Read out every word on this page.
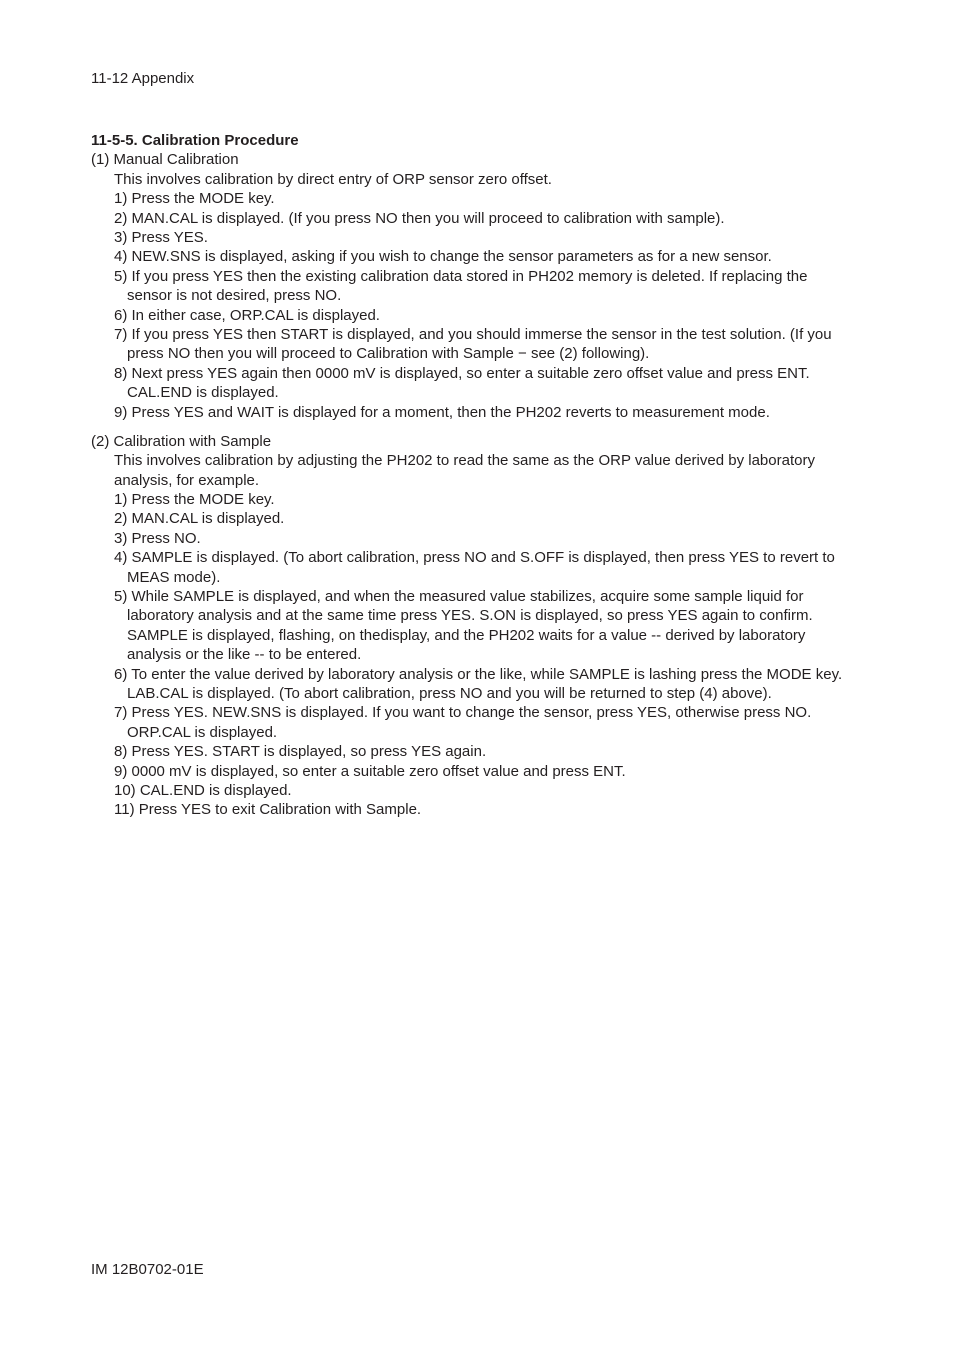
11-12 Appendix

11-5-5. Calibration Procedure

(1) Manual Calibration

This involves calibration by direct entry of ORP sensor zero offset.

1) Press the MODE key.
2) MAN.CAL is displayed. (If you press NO then you will proceed to calibration with sample).
3) Press YES.
4) NEW.SNS is displayed, asking if you wish to change the sensor parameters as for a new sensor.
5) If you press YES then the existing calibration data stored in PH202 memory is deleted. If replacing the sensor is not desired, press NO.
6) In either case, ORP.CAL is displayed.
7) If you press YES then START is displayed, and you should immerse the sensor in the test solution. (If you press NO then you will proceed to Calibration with Sample − see (2) following).
8) Next press YES again then 0000 mV is displayed, so enter a suitable zero offset value and press ENT. CAL.END is displayed.
9) Press YES and WAIT is displayed for a moment, then the PH202 reverts to measurement mode.

(2) Calibration with Sample

This involves calibration by adjusting the PH202 to read the same as the ORP value derived by laboratory analysis, for example.

1) Press the MODE key.
2) MAN.CAL is displayed.
3) Press NO.
4) SAMPLE is displayed. (To abort calibration, press NO and S.OFF is displayed, then press YES to revert to MEAS mode).
5) While SAMPLE is displayed, and when the measured value stabilizes, acquire some sample liquid for laboratory analysis and at the same time press YES. S.ON is displayed, so press YES again to confirm. SAMPLE is displayed, flashing, on thedisplay, and the PH202 waits for a value -- derived by laboratory analysis or the like -- to be entered.
6) To enter the value derived by laboratory analysis or the like, while SAMPLE is lashing press the MODE key. LAB.CAL is displayed. (To abort calibration, press NO and you will be returned to step (4) above).
7) Press YES. NEW.SNS is displayed. If you want to change the sensor, press YES, otherwise press NO. ORP.CAL is displayed.
8) Press YES. START is displayed, so press YES again.
9) 0000 mV is displayed, so enter a suitable zero offset value and press ENT.
10) CAL.END is displayed.
11) Press YES to exit Calibration with Sample.
IM 12B0702-01E
